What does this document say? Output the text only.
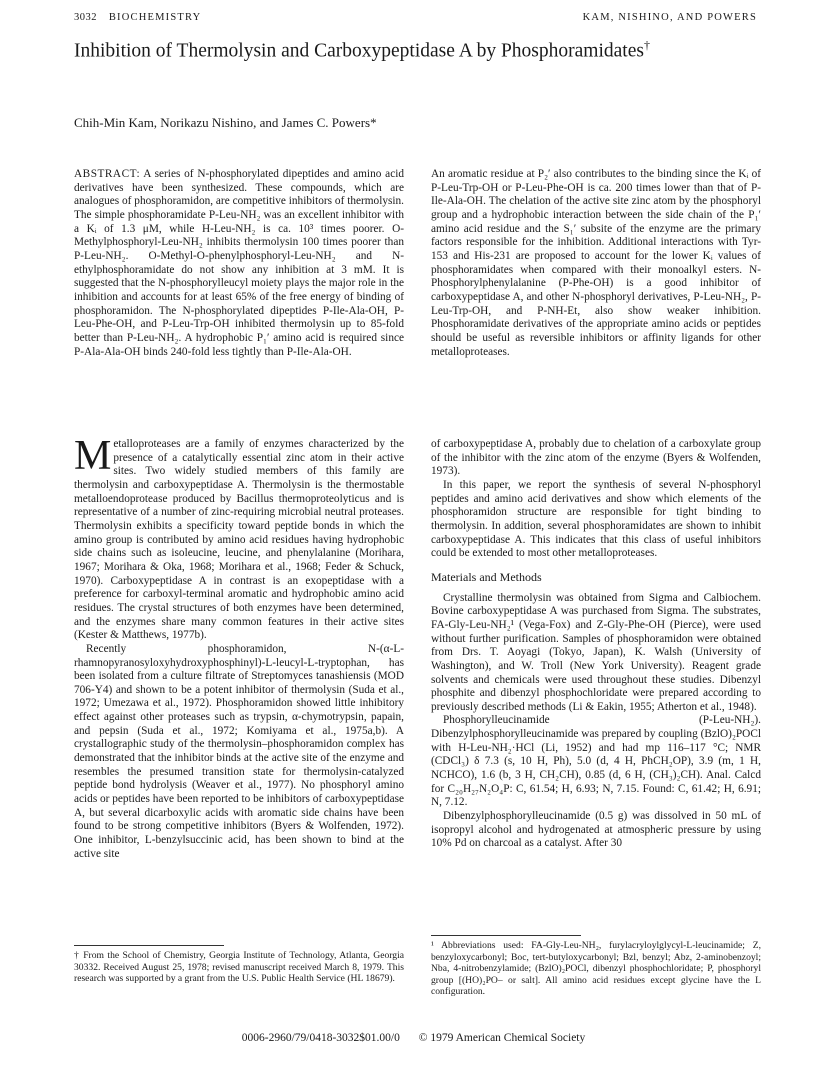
3032 BIOCHEMISTRY	KAM, NISHINO, AND POWERS
Inhibition of Thermolysin and Carboxypeptidase A by Phosphoramidates†
Chih-Min Kam, Norikazu Nishino, and James C. Powers*

ABSTRACT: A series of N-phosphorylated dipeptides and amino acid derivatives have been synthesized. These compounds, which are analogues of phosphoramidon, are competitive inhibitors of thermolysin. The simple phosphoramidate P-Leu-NH₂ was an excellent inhibitor with a Kᵢ of 1.3 μM, while H-Leu-NH₂ is ca. 10³ times poorer. O-Methylphosphoryl-Leu-NH₂ inhibits thermolysin 100 times poorer than P-Leu-NH₂. O-Methyl-O-phenylphosphoryl-Leu-NH₂ and N-ethylphosphoramidate do not show any inhibition at 3 mM. It is suggested that the N-phosphorylleucyl moiety plays the major role in the inhibition and accounts for at least 65% of the free energy of binding of phosphoramidon. The N-phosphorylated dipeptides P-Ile-Ala-OH, P-Leu-Phe-OH, and P-Leu-Trp-OH inhibited thermolysin up to 85-fold better than P-Leu-NH₂. A hydrophobic P₁′ amino acid is required since P-Ala-Ala-OH binds 240-fold less tightly than P-Ile-Ala-OH.

An aromatic residue at P₂′ also contributes to the binding since the Kᵢ of P-Leu-Trp-OH or P-Leu-Phe-OH is ca. 200 times lower than that of P-Ile-Ala-OH. The chelation of the active site zinc atom by the phosphoryl group and a hydrophobic interaction between the side chain of the P₁′ amino acid residue and the S₁′ subsite of the enzyme are the primary factors responsible for the inhibition. Additional interactions with Tyr-153 and His-231 are proposed to account for the lower Kᵢ values of phosphoramidates when compared with their monoalkyl esters. N-Phosphorylphenylalanine (P-Phe-OH) is a good inhibitor of carboxypeptidase A, and other N-phosphoryl derivatives, P-Leu-NH₂, P-Leu-Trp-OH, and P-NH-Et, also show weaker inhibition. Phosphoramidate derivatives of the appropriate amino acids or peptides should be useful as reversible inhibitors or affinity ligands for other metalloproteases.

Metalloproteases are a family of enzymes characterized by the presence of a catalytically essential zinc atom in their active sites. Two widely studied members of this family are thermolysin and carboxypeptidase A. Thermolysin is the thermostable metalloendoprotease produced by Bacillus thermoproteolyticus and is representative of a number of zinc-requiring microbial neutral proteases. Thermolysin exhibits a specificity toward peptide bonds in which the amino group is contributed by amino acid residues having hydrophobic side chains such as isoleucine, leucine, and phenylalanine (Morihara, 1967; Morihara & Oka, 1968; Morihara et al., 1968; Feder & Schuck, 1970). Carboxypeptidase A in contrast is an exopeptidase with a preference for carboxyl-terminal aromatic and hydrophobic amino acid residues. The crystal structures of both enzymes have been determined, and the enzymes share many common features in their active sites (Kester & Matthews, 1977b).

Recently phosphoramidon, N-(α-L-rhamnopyranosyloxyhydroxyphosphinyl)-L-leucyl-L-tryptophan, has been isolated from a culture filtrate of Streptomyces tanashiensis (MOD 706-Y4) and shown to be a potent inhibitor of thermolysin (Suda et al., 1972; Umezawa et al., 1972). Phosphoramidon showed little inhibitory effect against other proteases such as trypsin, α-chymotrypsin, papain, and pepsin (Suda et al., 1972; Komiyama et al., 1975a,b). A crystallographic study of the thermolysin–phosphoramidon complex has demonstrated that the inhibitor binds at the active site of the enzyme and resembles the presumed transition state for thermolysin-catalyzed peptide bond hydrolysis (Weaver et al., 1977). No phosphoryl amino acids or peptides have been reported to be inhibitors of carboxypeptidase A, but several dicarboxylic acids with aromatic side chains have been found to be strong competitive inhibitors (Byers & Wolfenden, 1972). One inhibitor, L-benzylsuccinic acid, has been shown to bind at the active site

of carboxypeptidase A, probably due to chelation of a carboxylate group of the inhibitor with the zinc atom of the enzyme (Byers & Wolfenden, 1973).

In this paper, we report the synthesis of several N-phosphoryl peptides and amino acid derivatives and show which elements of the phosphoramidon structure are responsible for tight binding to thermolysin. In addition, several phosphoramidates are shown to inhibit carboxypeptidase A. This indicates that this class of useful inhibitors could be extended to most other metalloproteases.

Materials and Methods

Crystalline thermolysin was obtained from Sigma and Calbiochem. Bovine carboxypeptidase A was purchased from Sigma. The substrates, FA-Gly-Leu-NH₂¹ (Vega-Fox) and Z-Gly-Phe-OH (Pierce), were used without further purification. Samples of phosphoramidon were obtained from Drs. T. Aoyagi (Tokyo, Japan), K. Walsh (University of Washington), and W. Troll (New York University). Reagent grade solvents and chemicals were used throughout these studies. Dibenzyl phosphite and dibenzyl phosphochloridate were prepared according to previously described methods (Li & Eakin, 1955; Atherton et al., 1948).

Phosphorylleucinamide (P-Leu-NH₂). Dibenzylphosphorylleucinamide was prepared by coupling (BzlO)₂POCl with H-Leu-NH₂·HCl (Li, 1952) and had mp 116–117 °C; NMR (CDCl₃) δ 7.3 (s, 10 H, Ph), 5.0 (d, 4 H, PhCH₂OP), 3.9 (m, 1 H, NCHCO), 1.6 (b, 3 H, CH₂CH), 0.85 (d, 6 H, (CH₃)₂CH). Anal. Calcd for C₂₀H₂₇N₂O₄P: C, 61.54; H, 6.93; N, 7.15. Found: C, 61.42; H, 6.91; N, 7.12.

Dibenzylphosphorylleucinamide (0.5 g) was dissolved in 50 mL of isopropyl alcohol and hydrogenated at atmospheric pressure by using 10% Pd on charcoal as a catalyst. After 30

† From the School of Chemistry, Georgia Institute of Technology, Atlanta, Georgia 30332. Received August 25, 1978; revised manuscript received March 8, 1979. This research was supported by a grant from the U.S. Public Health Service (HL 18679).

¹ Abbreviations used: FA-Gly-Leu-NH₂, furylacryloylglycyl-L-leucinamide; Z, benzyloxycarbonyl; Boc, tert-butyloxycarbonyl; Bzl, benzyl; Abz, 2-aminobenzoyl; Nba, 4-nitrobenzylamide; (BzlO)₂POCl, dibenzyl phosphochloridate; P, phosphoryl group [(HO)₂PO– or salt]. All amino acid residues except glycine have the L configuration.

0006-2960/79/0418-3032$01.00/0 © 1979 American Chemical Society
